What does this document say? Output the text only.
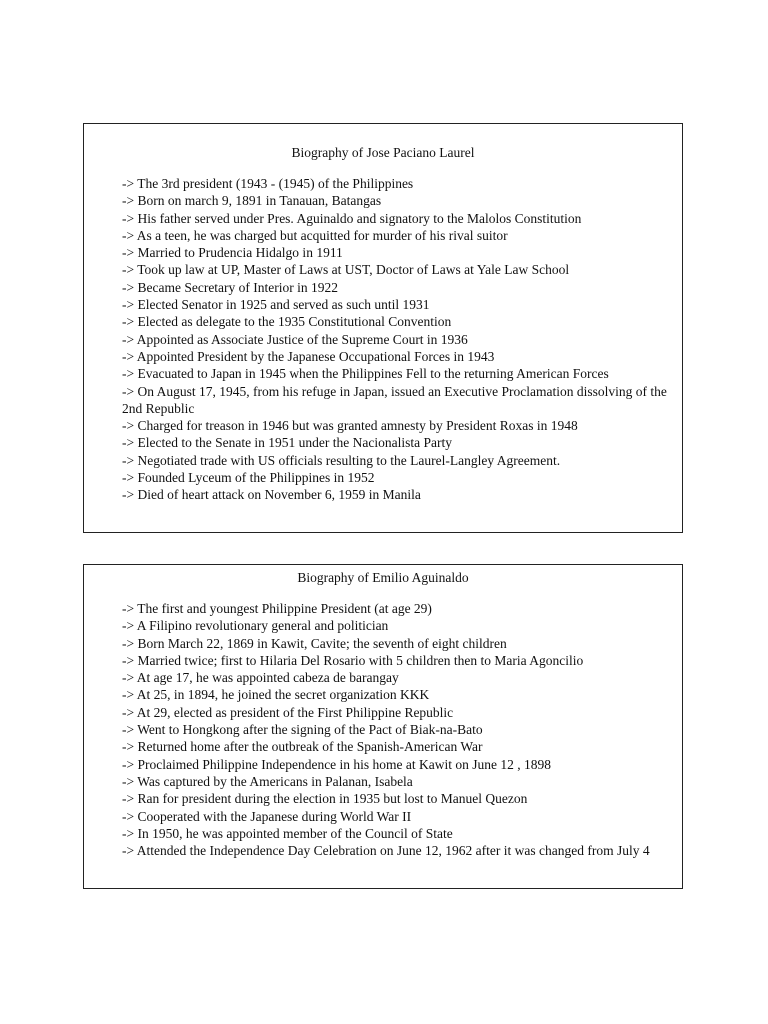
Biography of Jose Paciano Laurel
-> The 3rd president (1943 - (1945) of the Philippines
-> Born on march 9, 1891 in Tanauan, Batangas
-> His father served under Pres. Aguinaldo and signatory to the Malolos Constitution
-> As a teen, he was charged but acquitted for murder of his rival suitor
-> Married to Prudencia Hidalgo in 1911
-> Took up law at UP, Master of Laws at UST, Doctor of Laws at Yale Law School
-> Became Secretary of Interior in 1922
-> Elected Senator in 1925 and served as such until 1931
-> Elected as delegate to the 1935 Constitutional Convention
-> Appointed as Associate Justice of the Supreme Court in 1936
-> Appointed President by the Japanese Occupational Forces in 1943
-> Evacuated to Japan in 1945 when the Philippines Fell to the returning American Forces
-> On August 17, 1945, from his refuge in Japan, issued an Executive Proclamation dissolving of the 2nd Republic
-> Charged for treason in 1946 but was granted amnesty by President Roxas in 1948
-> Elected to the Senate in 1951 under the Nacionalista Party
-> Negotiated trade with US officials resulting to the Laurel-Langley Agreement.
-> Founded Lyceum of the Philippines in 1952
-> Died of heart attack on November 6, 1959 in Manila
Biography of Emilio Aguinaldo
-> The first and youngest Philippine President (at age 29)
-> A Filipino revolutionary general and politician
-> Born March 22, 1869 in Kawit, Cavite; the seventh of eight children
-> Married twice; first to Hilaria Del Rosario with 5 children then to Maria Agoncilio
-> At age 17, he was appointed cabeza de barangay
-> At 25, in 1894, he joined the secret organization KKK
-> At 29, elected as president of the First Philippine Republic
-> Went to Hongkong after the signing of the Pact of Biak-na-Bato
-> Returned home after the outbreak of the Spanish-American War
-> Proclaimed Philippine Independence in his home at Kawit on June 12 , 1898
-> Was captured by the Americans in Palanan, Isabela
-> Ran for president during the election in 1935 but lost to Manuel Quezon
-> Cooperated with the Japanese during World War II
-> In 1950, he was appointed member of the Council of State
-> Attended the Independence Day Celebration on June 12, 1962 after it was changed from July 4
